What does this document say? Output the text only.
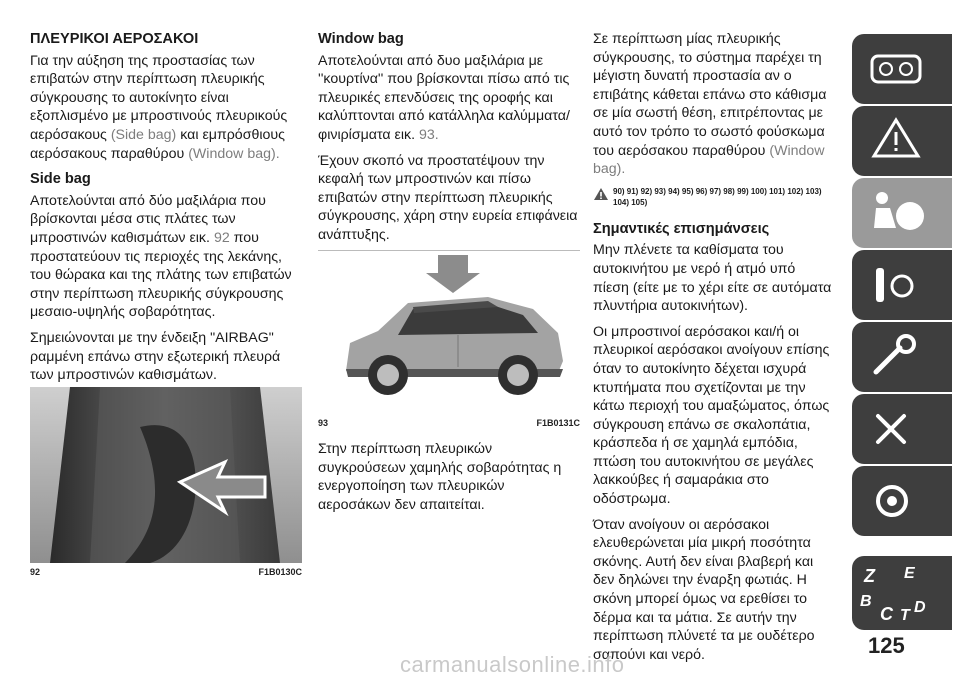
ΠΛΕΥΡΙΚΟΙ ΑΕΡΟΣΑΚΟΙ

Για την αύξηση της προστασίας των επιβατών στην περίπτωση πλευρικής σύγκρουσης το αυτοκίνητο είναι εξοπλισμένο με μπροστινούς πλευρικούς αερόσακους (Side bag) και εμπρόσθιους αερόσακους παραθύρου (Window bag).

Side bag

Αποτελούνται από δύο μαξιλάρια που βρίσκονται μέσα στις πλάτες των μπροστινών καθισμάτων εικ. 92 που προστατεύουν τις περιοχές της λεκάνης, του θώρακα και της πλάτης των επιβατών στην περίπτωση πλευρικής σύγκρουσης μεσαιο-υψηλής σοβαρότητας.

Σημειώνονται με την ένδειξη "AIRBAG" ραμμένη επάνω στην εξωτερική πλευρά των μπροστινών καθισμάτων.

92	F1B0130C
Window bag

Αποτελούνται από δυο μαξιλάρια με ''κουρτίνα'' που βρίσκονται πίσω από τις πλευρικές επενδύσεις της οροφής και καλύπτονται από κατάλληλα καλύμματα/φινιρίσματα εικ. 93.

Έχουν σκοπό να προστατέψουν την κεφαλή των μπροστινών και πίσω επιβατών στην περίπτωση πλευρικής σύγκρουσης, χάρη στην ευρεία επιφάνεια ανάπτυξης.

93	F1B0131C

Στην περίπτωση πλευρικών συγκρούσεων χαμηλής σοβαρότητας η ενεργοποίηση των πλευρικών αεροσάκων δεν απαιτείται.

Σε περίπτωση μίας πλευρικής σύγκρουσης, το σύστημα παρέχει τη μέγιστη δυνατή προστασία αν ο επιβάτης κάθεται επάνω στο κάθισμα σε μία σωστή θέση, επιτρέποντας με αυτό τον τρόπο το σωστό φούσκωμα του αερόσακου παραθύρου (Window bag).

90) 91) 92) 93) 94) 95) 96) 97) 98) 99) 100) 101) 102) 103) 104) 105)
Σημαντικές επισημάνσεις

Μην πλένετε τα καθίσματα του αυτοκινήτου με νερό ή ατμό υπό πίεση (είτε με το χέρι είτε σε αυτόματα πλυντήρια αυτοκινήτων).

Οι μπροστινοί αερόσακοι και/ή οι πλευρικοί αερόσακοι ανοίγουν επίσης όταν το αυτοκίνητο δέχεται ισχυρά κτυπήματα που σχετίζονται με την κάτω περιοχή του αμαξώματος, όπως σύγκρουση επάνω σε σκαλοπάτια, κράσπεδα ή σε χαμηλά εμπόδια, πτώση του αυτοκινήτου σε μεγάλες λακκούβες ή σαμαράκια στο οδόστρωμα.

Όταν ανοίγουν οι αερόσακοι ελευθερώνεται μία μικρή ποσότητα σκόνης. Αυτή δεν είναι βλαβερή και δεν δηλώνει την έναρξη φωτιάς. Η σκόνη μπορεί όμως να ερεθίσει το δέρμα και τα μάτια. Σε αυτήν την περίπτωση πλύνετέ τα με ουδέτερο σαπούνι και νερό.

Z E
B
C T D
125
carmanualsonline.info
